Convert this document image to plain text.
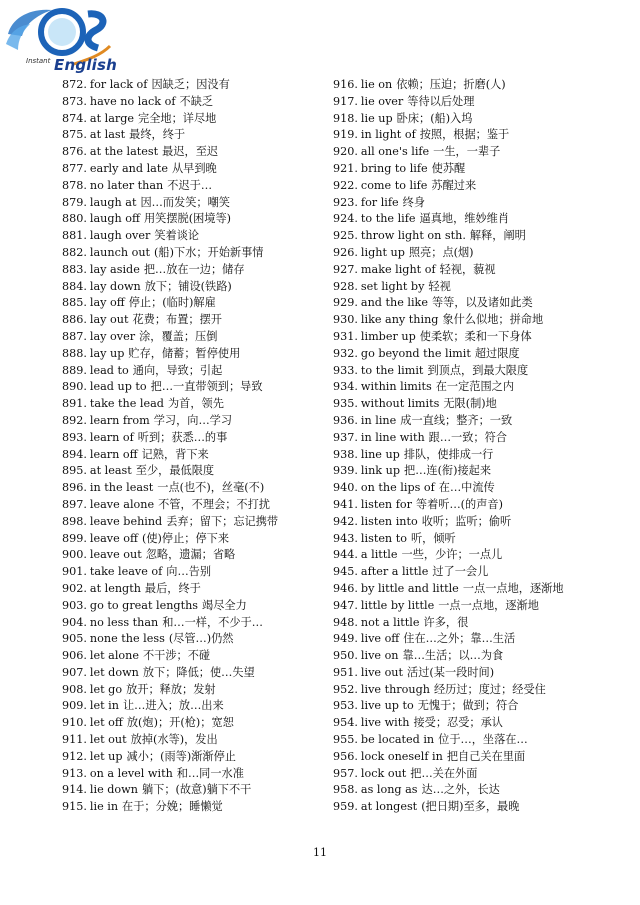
Instant English
872. for lack of 因缺乏；因没有
873. have no lack of 不缺乏
874. at large 完全地；详尽地
875. at last 最终，终于
876. at the latest 最迟，至迟
877. early and late 从早到晚
878. no later than 不迟于…
879. laugh at 因…而发笑；嘲笑
880. laugh off 用笑摆脱(困境等)
881. laugh over 笑着谈论
882. launch out (船)下水；开始新事情
883. lay aside 把…放在一边；储存
884. lay down 放下；铺设(铁路)
885. lay off 停止；(临时)解雇
886. lay out 花费；布置；摆开
887. lay over 涂，覆盖；压倒
888. lay up 贮存，储蓄；暂停使用
889. lead to 通向，导致；引起
890. lead up to 把…一直带领到；导致
891. take the lead 为首，领先
892. learn from 学习，向…学习
893. learn of 听到；获悉…的事
894. learn off 记熟，背下来
895. at least 至少，最低限度
896. in the least 一点(也不)，丝毫(不)
897. leave alone 不管，不理会；不打扰
898. leave behind 丢弃；留下；忘记携带
899. leave off (使)停止；停下来
900. leave out 忽略，遗漏；省略
901. take leave of 向…告别
902. at length 最后，终于
903. go to great lengths 竭尽全力
904. no less than 和…一样，不少于…
905. none the less (尽管…)仍然
906. let alone 不干涉；不碰
907. let down 放下；降低；使…失望
908. let go 放开；释放；发射
909. let in 让…进入；放…出来
910. let off 放(炮)；开(枪)；宽恕
911. let out 放掉(水等)，发出
912. let up 减小；(雨等)渐渐停止
913. on a level with 和…同一水准
914. lie down 躺下；(故意)躺下不干
915. lie in 在于；分娩；睡懒觉
916. lie on 依赖；压迫；折磨(人)
917. lie over 等待以后处理
918. lie up 卧床；(船)入坞
919. in light of 按照，根据；鉴于
920. all one's life 一生，一辈子
921. bring to life 使苏醒
922. come to life 苏醒过来
923. for life 终身
924. to the life 逼真地，维妙维肖
925. throw light on sth. 解释，阐明
926. light up 照亮；点(烟)
927. make light of 轻视，藐视
928. set light by 轻视
929. and the like 等等，以及诸如此类
930. like any thing 象什么似地；拼命地
931. limber up 使柔软；柔和一下身体
932. go beyond the limit 超过限度
933. to the limit 到顶点，到最大限度
934. within limits 在一定范围之内
935. without limits 无限(制)地
936. in line 成一直线；整齐；一致
937. in line with 跟…一致；符合
938. line up 排队，使排成一行
939. link up 把…连(衔)接起来
940. on the lips of 在…中流传
941. listen for 等着听…(的声音)
942. listen into 收听；监听；偷听
943. listen to 听，倾听
944. a little 一些，少许；一点儿
945. after a little 过了一会儿
946. by little and little 一点一点地，逐渐地
947. little by little 一点一点地，逐渐地
948. not a little 许多，很
949. live off 住在…之外；靠…生活
950. live on 靠…生活；以…为食
951. live out 活过(某一段时间)
952. live through 经历过；度过；经受住
953. live up to 无愧于；做到；符合
954. live with 接受；忍受；承认
955. be located in 位于…，坐落在…
956. lock oneself in 把自己关在里面
957. lock out 把…关在外面
958. as long as 达…之外，长达
959. at longest (把日期)至多，最晚
11
